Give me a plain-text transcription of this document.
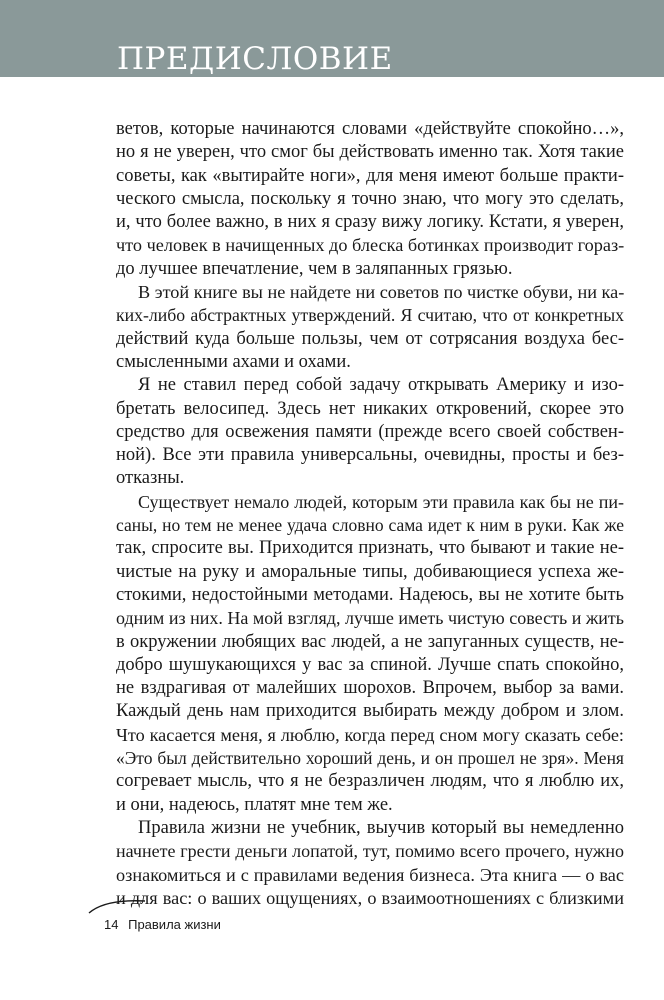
ПРЕДИСЛОВИЕ
ветов, которые начинаются словами «действуйте спокойно…»,
но я не уверен, что смог бы действовать именно так. Хотя такие
советы, как «вытирайте ноги», для меня имеют больше практи-
ческого смысла, поскольку я точно знаю, что могу это сделать,
и, что более важно, в них я сразу вижу логику. Кстати, я уверен,
что человек в начищенных до блеска ботинках производит гораз-
до лучшее впечатление, чем в заляпанных грязью.
В этой книге вы не найдете ни советов по чистке обуви, ни ка-
ких-либо абстрактных утверждений. Я считаю, что от конкретных
действий куда больше пользы, чем от сотрясания воздуха бес-
смысленными ахами и охами.
Я не ставил перед собой задачу открывать Америку и изо-
бретать велосипед. Здесь нет никаких откровений, скорее это
средство для освежения памяти (прежде всего своей собствен-
ной). Все эти правила универсальны, очевидны, просты и без-
отказны.
Существует немало людей, которым эти правила как бы не пи-
саны, но тем не менее удача словно сама идет к ним в руки. Как же
так, спросите вы. Приходится признать, что бывают и такие не-
чистые на руку и аморальные типы, добивающиеся успеха же-
стокими, недостойными методами. Надеюсь, вы не хотите быть
одним из них. На мой взгляд, лучше иметь чистую совесть и жить
в окружении любящих вас людей, а не запуганных существ, не-
добро шушукающихся у вас за спиной. Лучше спать спокойно,
не вздрагивая от малейших шорохов. Впрочем, выбор за вами.
Каждый день нам приходится выбирать между добром и злом.
Что касается меня, я люблю, когда перед сном могу сказать себе:
«Это был действительно хороший день, и он прошел не зря». Меня
согревает мысль, что я не безразличен людям, что я люблю их,
и они, надеюсь, платят мне тем же.
Правила жизни не учебник, выучив который вы немедленно
начнете грести деньги лопатой, тут, помимо всего прочего, нужно
ознакомиться и с правилами ведения бизнеса. Эта книга — о вас
и для вас: о ваших ощущениях, о взаимоотношениях с близкими
14 Правила жизни
